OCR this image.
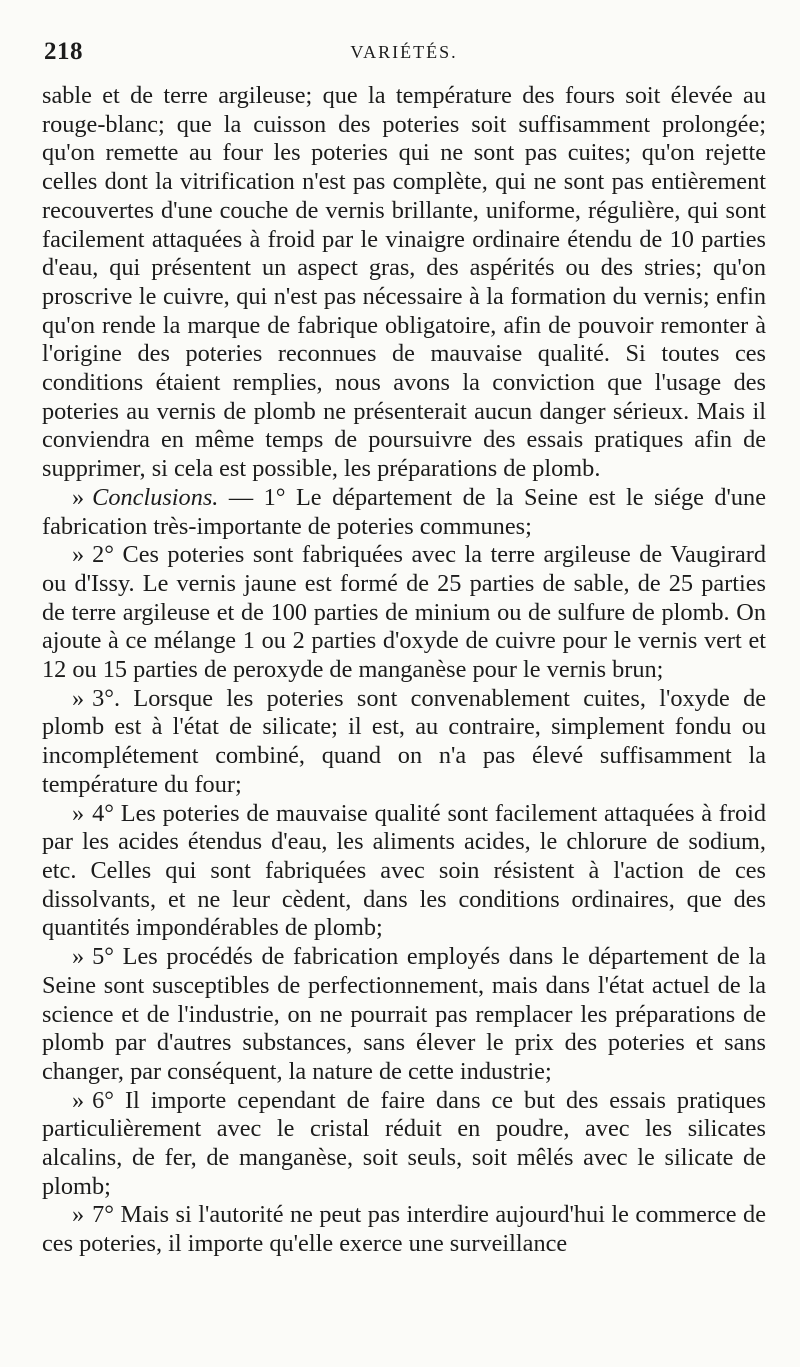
218	VARIÉTÉS.

sable et de terre argileuse; que la température des fours soit élevée au rouge-blanc; que la cuisson des poteries soit suffisamment prolongée; qu'on remette au four les poteries qui ne sont pas cuites; qu'on rejette celles dont la vitrification n'est pas complète, qui ne sont pas entièrement recouvertes d'une couche de vernis brillante, uniforme, régulière, qui sont facilement attaquées à froid par le vinaigre ordinaire étendu de 10 parties d'eau, qui présentent un aspect gras, des aspérités ou des stries; qu'on proscrive le cuivre, qui n'est pas nécessaire à la formation du vernis; enfin qu'on rende la marque de fabrique obligatoire, afin de pouvoir remonter à l'origine des poteries reconnues de mauvaise qualité. Si toutes ces conditions étaient remplies, nous avons la conviction que l'usage des poteries au vernis de plomb ne présenterait aucun danger sérieux. Mais il conviendra en même temps de poursuivre des essais pratiques afin de supprimer, si cela est possible, les préparations de plomb.

» Conclusions. — 1° Le département de la Seine est le siége d'une fabrication très-importante de poteries communes;

» 2° Ces poteries sont fabriquées avec la terre argileuse de Vaugirard ou d'Issy. Le vernis jaune est formé de 25 parties de sable, de 25 parties de terre argileuse et de 100 parties de minium ou de sulfure de plomb. On ajoute à ce mélange 1 ou 2 parties d'oxyde de cuivre pour le vernis vert et 12 ou 15 parties de peroxyde de manganèse pour le vernis brun;

» 3°. Lorsque les poteries sont convenablement cuites, l'oxyde de plomb est à l'état de silicate; il est, au contraire, simplement fondu ou incomplétement combiné, quand on n'a pas élevé suffisamment la température du four;

» 4° Les poteries de mauvaise qualité sont facilement attaquées à froid par les acides étendus d'eau, les aliments acides, le chlorure de sodium, etc. Celles qui sont fabriquées avec soin résistent à l'action de ces dissolvants, et ne leur cèdent, dans les conditions ordinaires, que des quantités impondérables de plomb;

» 5° Les procédés de fabrication employés dans le département de la Seine sont susceptibles de perfectionnement, mais dans l'état actuel de la science et de l'industrie, on ne pourrait pas remplacer les préparations de plomb par d'autres substances, sans élever le prix des poteries et sans changer, par conséquent, la nature de cette industrie;

» 6° Il importe cependant de faire dans ce but des essais pratiques particulièrement avec le cristal réduit en poudre, avec les silicates alcalins, de fer, de manganèse, soit seuls, soit mêlés avec le silicate de plomb;

» 7° Mais si l'autorité ne peut pas interdire aujourd'hui le commerce de ces poteries, il importe qu'elle exerce une surveillance
